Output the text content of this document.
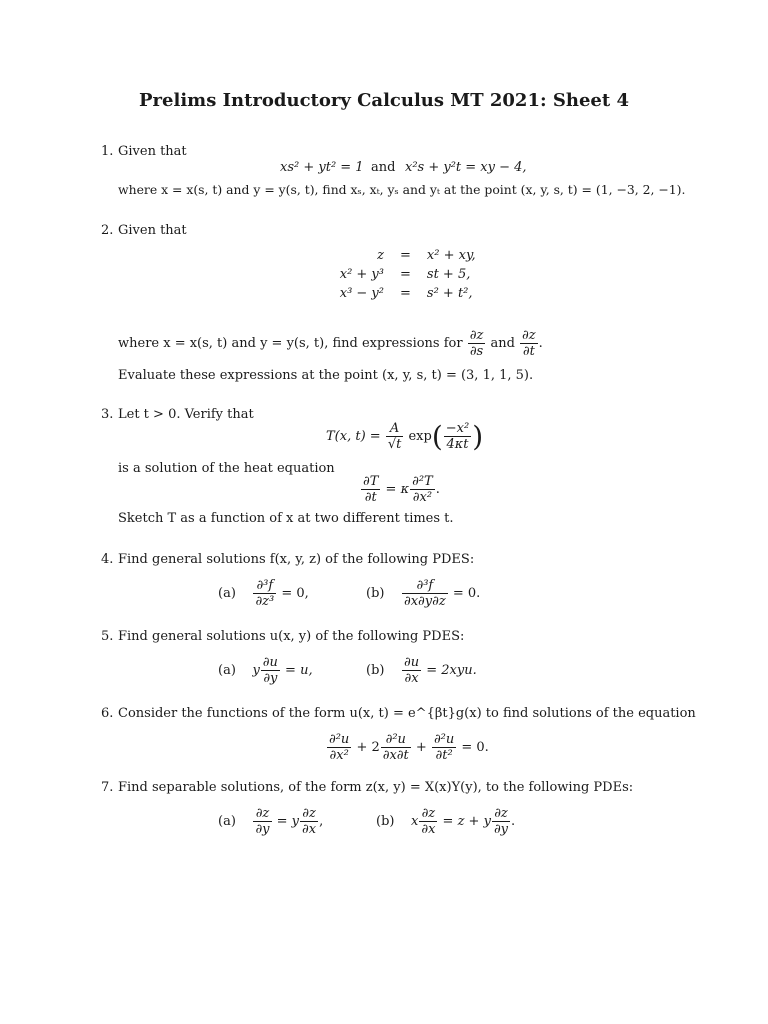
Prelims Introductory Calculus MT 2021: Sheet 4
1. Given that
xs² + yt² = 1 and x²s + y²t = xy − 4,
where x = x(s, t) and y = y(s, t), find xₛ, xₜ, yₛ and yₜ at the point (x, y, s, t) = (1, −3, 2, −1).
2. Given that
z	=	x² + xy,
x² + y³	=	st + 5,
x³ − y²	=	s² + t²,
where x = x(s, t) and y = y(s, t), find expressions for $\frac{\partial z}{\partial s}$ and $\frac{\partial z}{\partial t}$ .
Evaluate these expressions at the point (x, y, s, t) = (3, 1, 1, 5).
3. Let t > 0. Verify that
T(x, $t) = \frac{A}{√t} \exp( \frac{\text{−x²}}{4\kappa t}$ )
is a solution of the heat equation
$\frac{\partial T}{\partial t} = \kappa \frac{\text{∂²T}}{\text{∂x²}}$ .
Sketch T as a function of x at two different times t.
4. Find general solutions f(x, y, z) of the following PDES:
$(a) \frac{\text{∂³f}}{\text{∂z³}} = 0$,	$(b) \frac{\text{∂³f}}{\partial x\partial y\partial z} = 0$.
5. Find general solutions u(x, y) of the following PDES:
(a) y $\frac{\partial u}{\partial y} = u$,	$(b) \frac{\partial u}{\partial x} = 2xyu$.
6. Consider the functions of the form u(x, t) = e^{βt}g(x) to find solutions of the equation
$\frac{\text{∂²u}}{\text{∂x²}} + 2 \frac{\text{∂²u}}{\partial x\partial t} + \frac{\text{∂²u}}{\text{∂t²}} = 0$.
7. Find separable solutions, of the form z(x, y) = X(x)Y(y), to the following PDEs:
$(a) \frac{\partial z}{\partial y} = y \frac{\partial z}{\partial x}$ ,	(b) x $\frac{\partial z}{\partial x} = z + y \frac{\partial z}{\partial y}$ .
